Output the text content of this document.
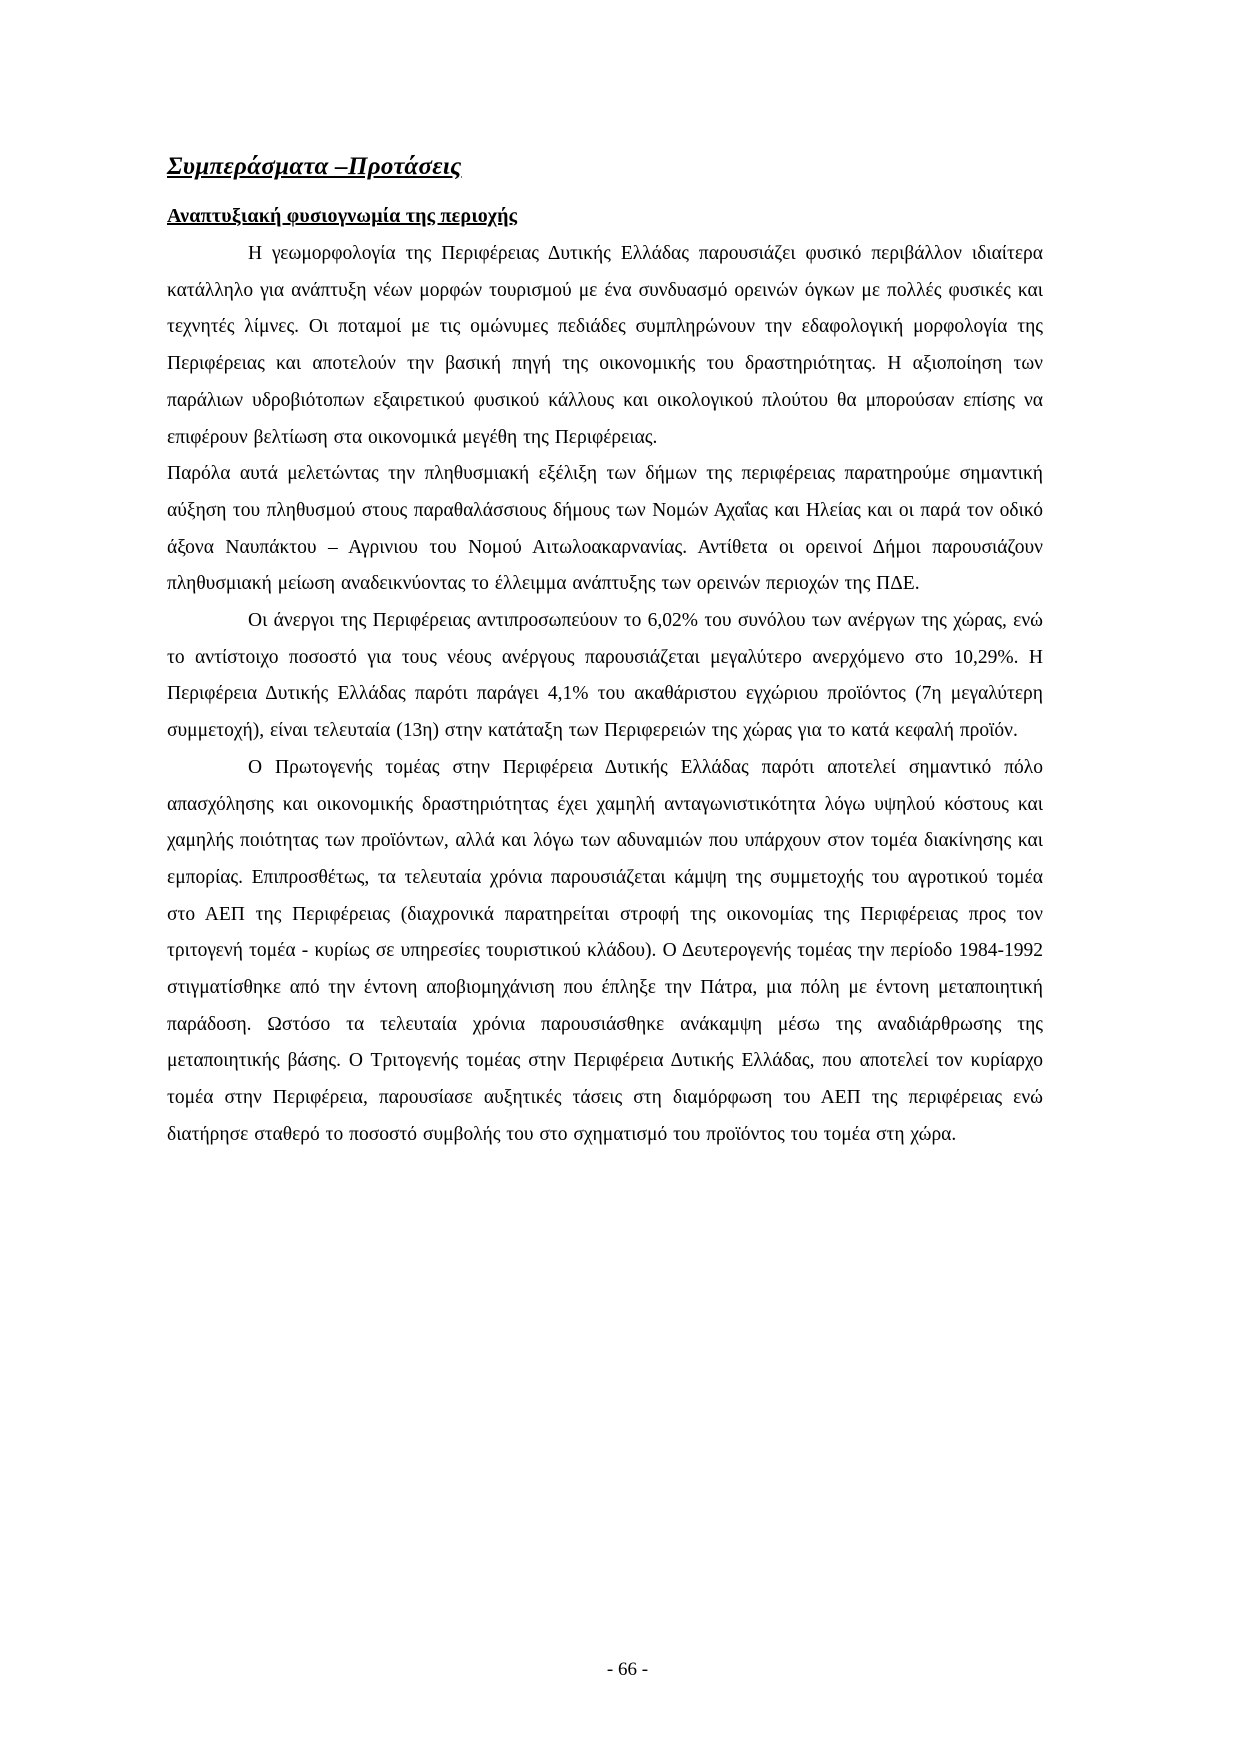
Συμπεράσματα –Προτάσεις
Αναπτυξιακή φυσιογνωμία της περιοχής

Η γεωμορφολογία της Περιφέρειας Δυτικής Ελλάδας παρουσιάζει φυσικό περιβάλλον ιδιαίτερα κατάλληλο για ανάπτυξη νέων μορφών τουρισμού με ένα συνδυασμό ορεινών όγκων με πολλές φυσικές και τεχνητές λίμνες. Οι ποταμοί με τις ομώνυμες πεδιάδες συμπληρώνουν την εδαφολογική μορφολογία της Περιφέρειας και αποτελούν την βασική πηγή της οικονομικής του δραστηριότητας. Η αξιοποίηση των παράλιων υδροβιότοπων εξαιρετικού φυσικού κάλλους και οικολογικού πλούτου θα μπορούσαν επίσης να επιφέρουν βελτίωση στα οικονομικά μεγέθη της Περιφέρειας.

Παρόλα αυτά μελετώντας την πληθυσμιακή εξέλιξη των δήμων της περιφέρειας παρατηρούμε σημαντική αύξηση του πληθυσμού στους παραθαλάσσιους δήμους των Νομών Αχαΐας και Ηλείας και οι παρά τον οδικό άξονα Ναυπάκτου – Αγρινιου του Νομού Αιτωλοακαρνανίας. Αντίθετα οι ορεινοί Δήμοι παρουσιάζουν πληθυσμιακή μείωση αναδεικνύοντας το έλλειμμα ανάπτυξης των ορεινών περιοχών της ΠΔΕ.

Οι άνεργοι της Περιφέρειας αντιπροσωπεύουν το 6,02% του συνόλου των ανέργων της χώρας, ενώ το αντίστοιχο ποσοστό για τους νέους ανέργους παρουσιάζεται μεγαλύτερο ανερχόμενο στο 10,29%. Η Περιφέρεια Δυτικής Ελλάδας παρότι παράγει 4,1% του ακαθάριστου εγχώριου προϊόντος (7η μεγαλύτερη συμμετοχή), είναι τελευταία (13η) στην κατάταξη των Περιφερειών της χώρας για το κατά κεφαλή προϊόν.

Ο Πρωτογενής τομέας στην Περιφέρεια Δυτικής Ελλάδας παρότι αποτελεί σημαντικό πόλο απασχόλησης και οικονομικής δραστηριότητας έχει χαμηλή ανταγωνιστικότητα λόγω υψηλού κόστους και χαμηλής ποιότητας των προϊόντων, αλλά και λόγω των αδυναμιών που υπάρχουν στον τομέα διακίνησης και εμπορίας. Επιπροσθέτως, τα τελευταία χρόνια παρουσιάζεται κάμψη της συμμετοχής του αγροτικού τομέα στο ΑΕΠ της Περιφέρειας (διαχρονικά παρατηρείται στροφή της οικονομίας της Περιφέρειας προς τον τριτογενή τομέα - κυρίως σε υπηρεσίες τουριστικού κλάδου). Ο Δευτερογενής τομέας την περίοδο 1984-1992 στιγματίσθηκε από την έντονη αποβιομηχάνιση που έπληξε την Πάτρα, μια πόλη με έντονη μεταποιητική παράδοση. Ωστόσο τα τελευταία χρόνια παρουσιάσθηκε ανάκαμψη μέσω της αναδιάρθρωσης της μεταποιητικής βάσης. Ο Τριτογενής τομέας στην Περιφέρεια Δυτικής Ελλάδας, που αποτελεί τον κυρίαρχο τομέα στην Περιφέρεια, παρουσίασε αυξητικές τάσεις στη διαμόρφωση του ΑΕΠ της περιφέρειας ενώ διατήρησε σταθερό το ποσοστό συμβολής του στο σχηματισμό του προϊόντος του τομέα στη χώρα.

- 66 -
